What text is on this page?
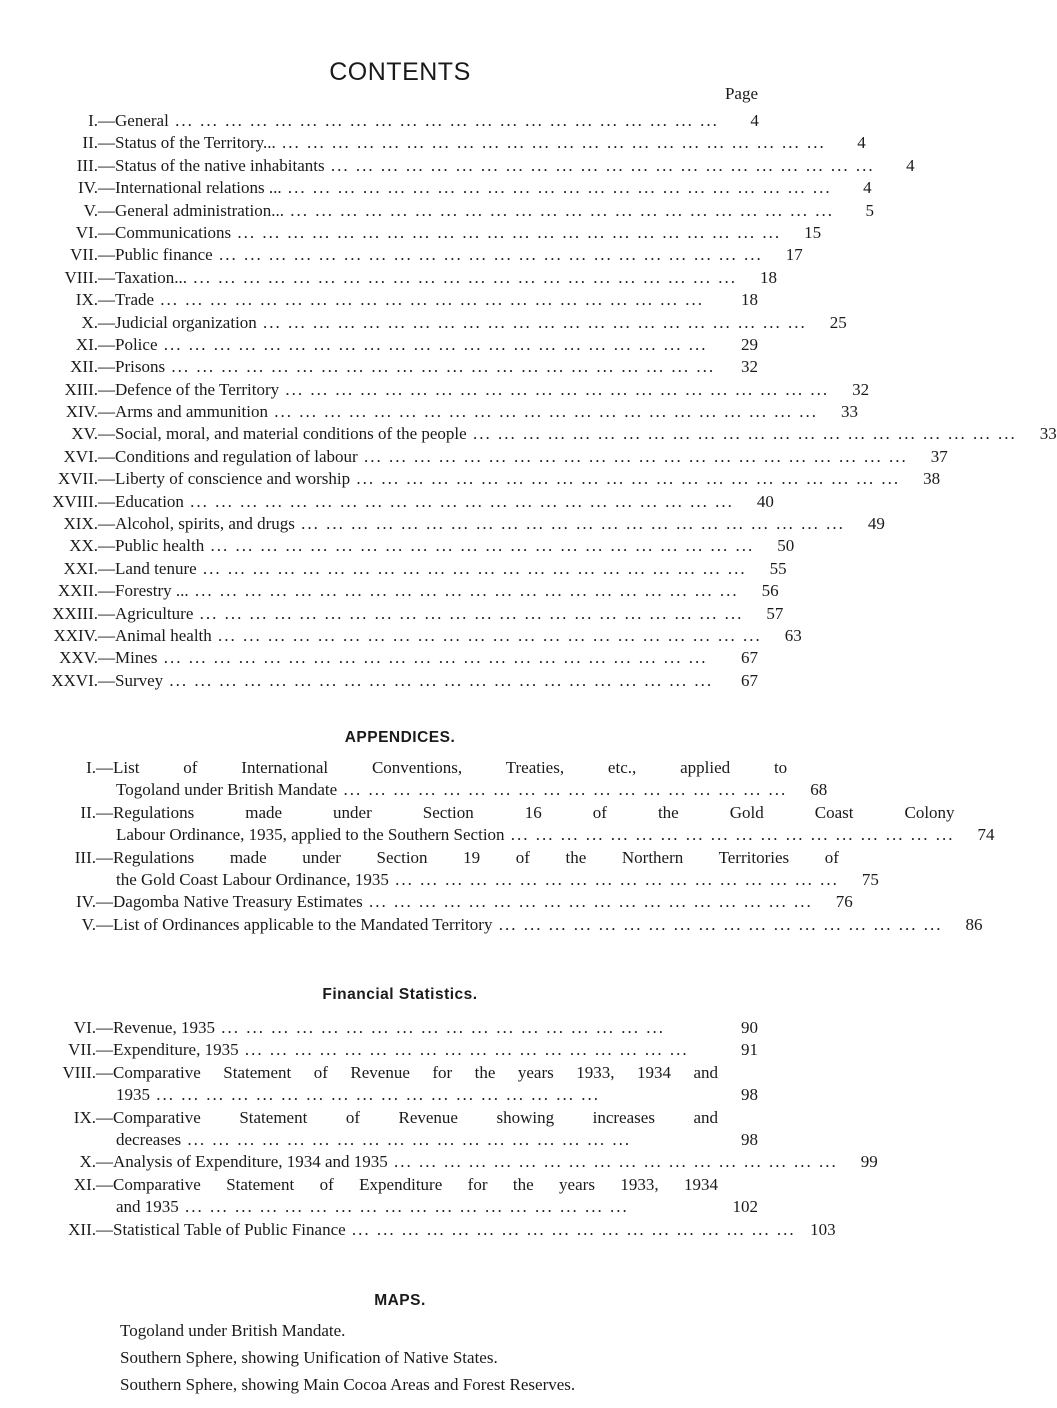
CONTENTS
Page
I. —General ... .	4
II. —Status of the Territory... ... .	4
III. —Status of the native inhabitants ... .	4
IV. —International relations ... ... .	4
V. —General administration... ... .	5
VI. —Communications ... .	15
VII. —Public finance ... .	17
VIII. —Taxation... ... .	18
IX. —Trade ... .	18
X. —Judicial organization ... .	25
XI. —Police ... .	29
XII. —Prisons ... .	32
XIII. —Defence of the Territory ... .	32
XIV. —Arms and ammunition ... .	33
XV. —Social, moral, and material conditions of the people ... .	33
XVI. —Conditions and regulation of labour ... .	37
XVII. —Liberty of conscience and worship ... .	38
XVIII. —Education ... .	40
XIX. —Alcohol, spirits, and drugs ... .	49
XX. —Public health ... .	50
XXI. —Land tenure ... .	55
XXII. —Forestry ... ... .	56
XXIII. —Agriculture ... .	57
XXIV. —Animal health ... .	63
XXV. —Mines ... .	67
XXVI. —Survey ... .	67
APPENDICES.
I. —List of International Conventions, Treaties, etc., applied to
Togoland under British Mandate ... .	68
II. —Regulations made under Section 16 of the Gold Coast Colony
Labour Ordinance, 1935, applied to the Southern Section ... .	74
III. —Regulations made under Section 19 of the Northern Territories of
the Gold Coast Labour Ordinance, 1935 ... .	75
IV. —Dagomba Native Treasury Estimates ... .	76
V. —List of Ordinances applicable to the Mandated Territory ... .	86
Financial Statistics.
VI. —Revenue, 1935 ... .	90
VII. —Expenditure, 1935 ... .	91
VIII. —Comparative Statement of Revenue for the years 1933, 1934 and
1935 ... .	98
IX. —Comparative Statement of Revenue showing increases and
decreases ... .	98
X. —Analysis of Expenditure, 1934 and 1935 ... .	99
XI. —Comparative Statement of Expenditure for the years 1933, 1934
and 1935 ... .	102
XII. —Statistical Table of Public Finance ... .	103
MAPS.
Togoland under British Mandate.
Southern Sphere, showing Unification of Native States.
Southern Sphere, showing Main Cocoa Areas and Forest Reserves.
